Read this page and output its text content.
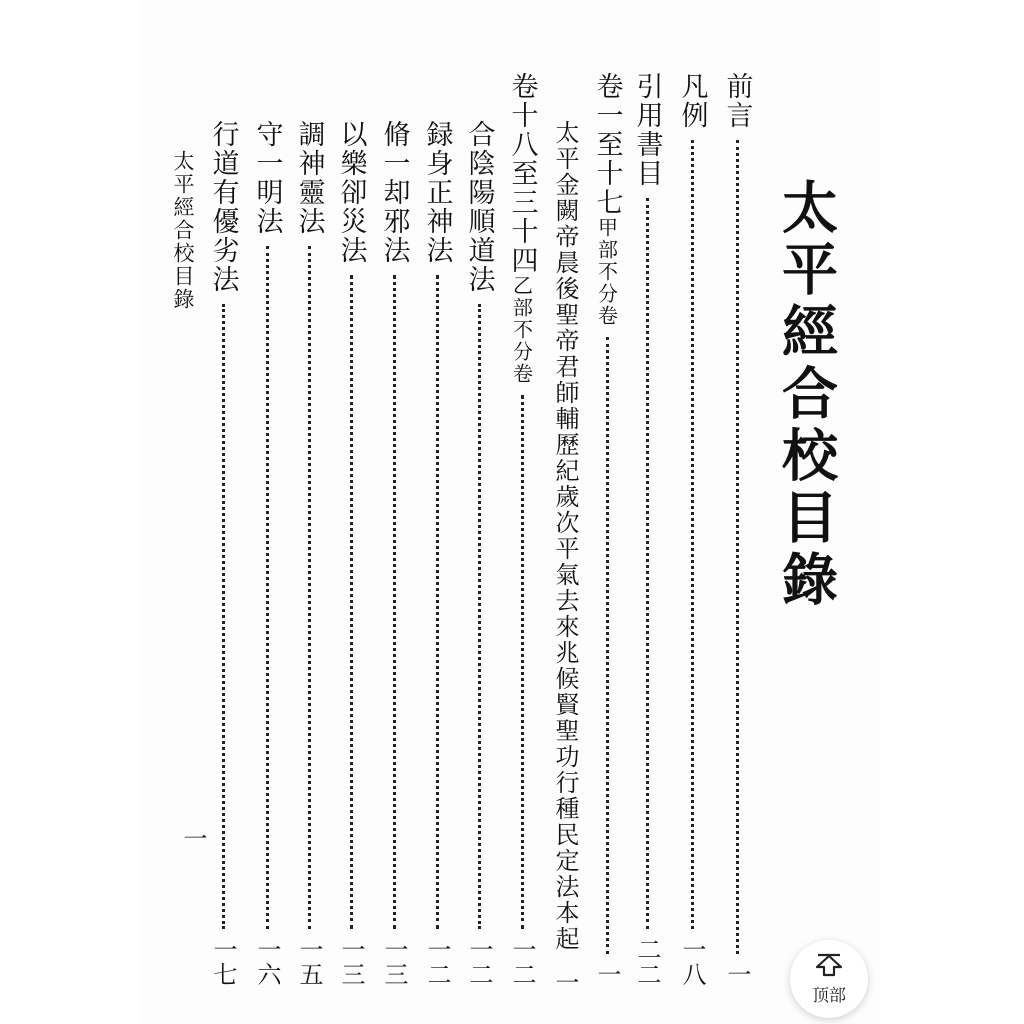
太平經合校目錄
前言
一
凡例
一八
引用書目
二二
卷一至十七甲部不分卷
一
太平金闕帝晨後聖帝君師輔歷紀歲次平氣去來兆候賢聖功行種民定法本起
一
卷十八至三十四乙部不分卷
一二
合陰陽順道法
一二
録身正神法
一二
脩一却邪法
一三
以樂卻災法
一三
調神靈法
一五
守一明法
一六
行道有優劣法
一七
太平經合校目錄
一
顶部
